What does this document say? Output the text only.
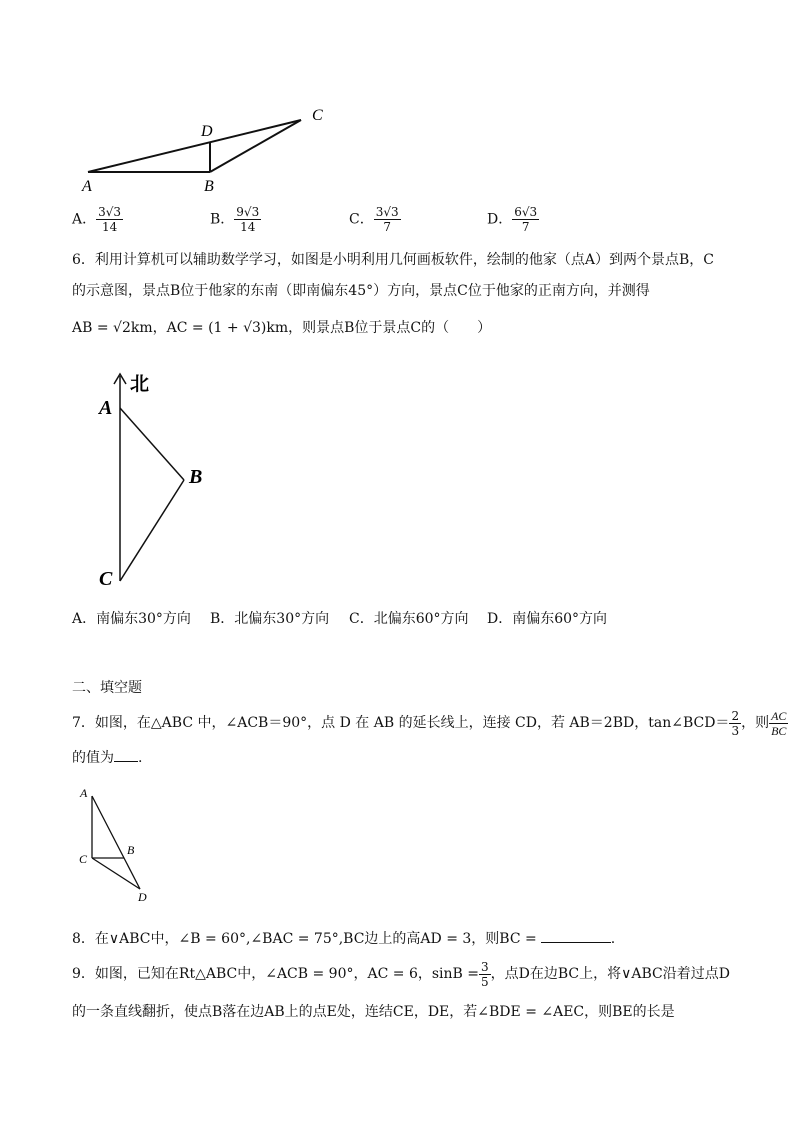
A	B
C
D
A． $\frac{3√3}{14}$	B． $\frac{9√3}{14}$	C． $\frac{3√3}{7}$	D． $\frac{6√3}{7}$
6．利用计算机可以辅助数学学习，如图是小明利用几何画板软件，绘制的他家（点A）到两个景点B，C
的示意图，景点B位于他家的东南（即南偏东45°）方向，景点C位于他家的正南方向，并测得
AB = √2km，AC = (1 + √3)km，则景点B位于景点C的（　　）
北
A
B
C
A．南偏东30°方向 B．北偏东30°方向 C．北偏东60°方向 D．南偏东60°方向
二、填空题
7．如图，在△ABC 中，∠ACB＝90°，点 D 在 AB 的延长线上，连接 CD，若 AB＝2BD，tan∠BCD＝ $\frac{2}{3}$ ，则 $\frac{AC}{BC}$
的值为 .
A
B
C
D
8．在∨ABC中，∠B = 60°,∠BAC = 75°,BC边上的高AD = 3，则BC =	.
9．如图，已知在Rt△ABC中，∠ACB = 90°，AC = 6，$\sin B = \frac{3}{5}$ ，点D在边BC上，将∨ABC沿着过点D
的一条直线翻折，使点B落在边AB上的点E处，连结CE，DE，若∠BDE = ∠AEC，则BE的长是
